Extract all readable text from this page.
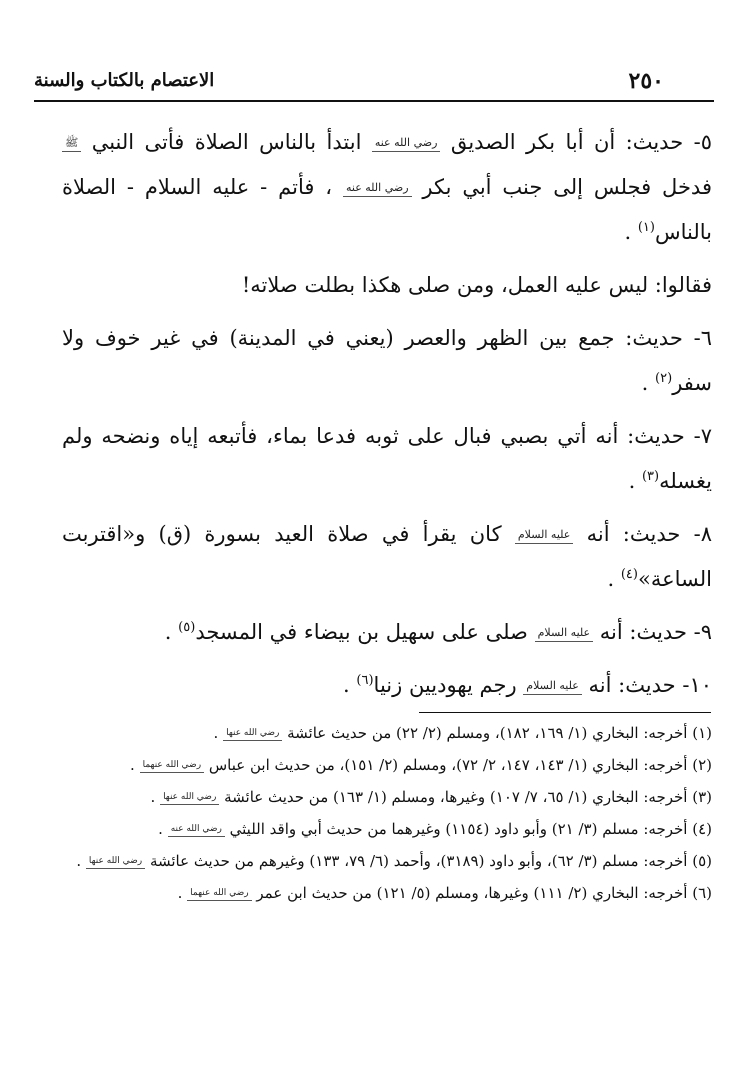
٢٥٠
الاعتصام بالكتاب والسنة

٥- حديث: أن أبا بكر الصديق رضي الله عنه ابتدأ بالناس الصلاة فأتى النبي ﷺ فدخل فجلس إلى جنب أبي بكر رضي الله عنه ، فأتم - عليه السلام - الصلاة بالناس$^{(١)}$ .

فقالوا: ليس عليه العمل، ومن صلى هكذا بطلت صلاته!

٦- حديث: جمع بين الظهر والعصر (يعني في المدينة) في غير خوف ولا سفر$^{(٢)}$ .

٧- حديث: أنه أتي بصبي فبال على ثوبه فدعا بماء، فأتبعه إياه ونضحه ولم يغسله$^{(٣)}$ .

٨- حديث: أنه عليه السلام كان يقرأ في صلاة العيد بسورة (ق) و«اقتربت الساعة»$^{(٤)}$ .

٩- حديث: أنه عليه السلام صلى على سهيل بن بيضاء في المسجد$^{(٥)}$ .

١٠- حديث: أنه عليه السلام رجم يهوديين زنيا$^{(٦)}$ .

(١) أخرجه: البخاري (١/ ١٦٩، ١٨٢)، ومسلم (٢/ ٢٢) من حديث عائشة رضي الله عنها .

(٢) أخرجه: البخاري (١/ ١٤٣، ١٤٧، ٢/ ٧٢)، ومسلم (٢/ ١٥١)، من حديث ابن عباس رضي الله عنهما .

(٣) أخرجه: البخاري (١/ ٦٥، ٧/ ١٠٧) وغيرها، ومسلم (١/ ١٦٣) من حديث عائشة رضي الله عنها .

(٤) أخرجه: مسلم (٣/ ٢١) وأبو داود (١١٥٤) وغيرهما من حديث أبي واقد الليثي رضي الله عنه .

(٥) أخرجه: مسلم (٣/ ٦٢)، وأبو داود (٣١٨٩)، وأحمد (٦/ ٧٩، ١٣٣) وغيرهم من حديث عائشة رضي الله عنها .

(٦) أخرجه: البخاري (٢/ ١١١) وغيرها، ومسلم (٥/ ١٢١) من حديث ابن عمر رضي الله عنهما .
